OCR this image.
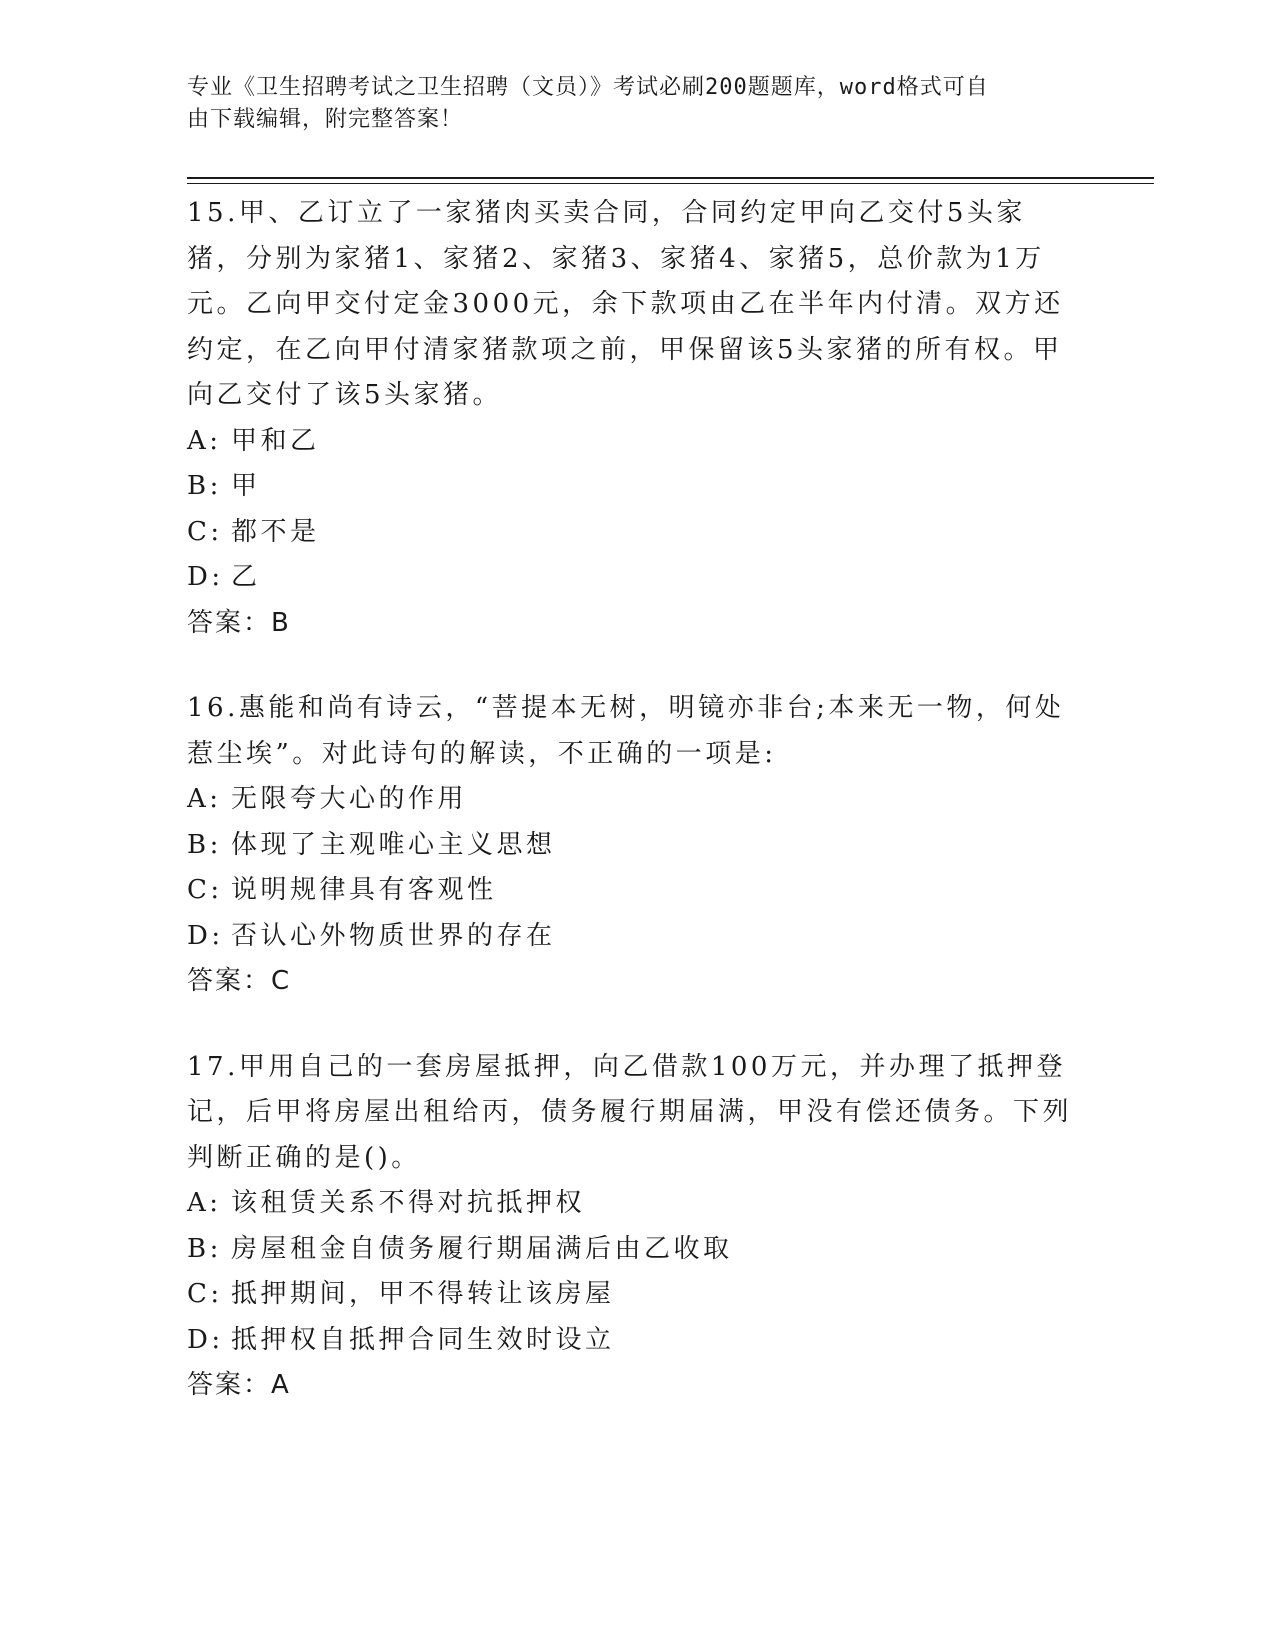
专业《卫生招聘考试之卫生招聘（文员）》考试必刷200题题库，word格式可自
由下载编辑，附完整答案！

15.甲、乙订立了一家猪肉买卖合同，合同约定甲向乙交付5头家猪，分别为家猪1、家猪2、家猪3、家猪4、家猪5，总价款为1万元。乙向甲交付定金3000元，余下款项由乙在半年内付清。双方还约定，在乙向甲付清家猪款项之前，甲保留该5头家猪的所有权。甲向乙交付了该5头家猪。

A: 甲和乙
B: 甲
C: 都不是
D: 乙

答案：B

16.惠能和尚有诗云，“菩提本无树，明镜亦非台;本来无一物，何处惹尘埃”。对此诗句的解读，不正确的一项是:

A: 无限夸大心的作用
B: 体现了主观唯心主义思想
C: 说明规律具有客观性
D: 否认心外物质世界的存在

答案：C

17.甲用自己的一套房屋抵押，向乙借款100万元，并办理了抵押登记，后甲将房屋出租给丙，债务履行期届满，甲没有偿还债务。下列判断正确的是()。

A: 该租赁关系不得对抗抵押权
B: 房屋租金自债务履行期届满后由乙收取
C: 抵押期间，甲不得转让该房屋
D: 抵押权自抵押合同生效时设立

答案：A
